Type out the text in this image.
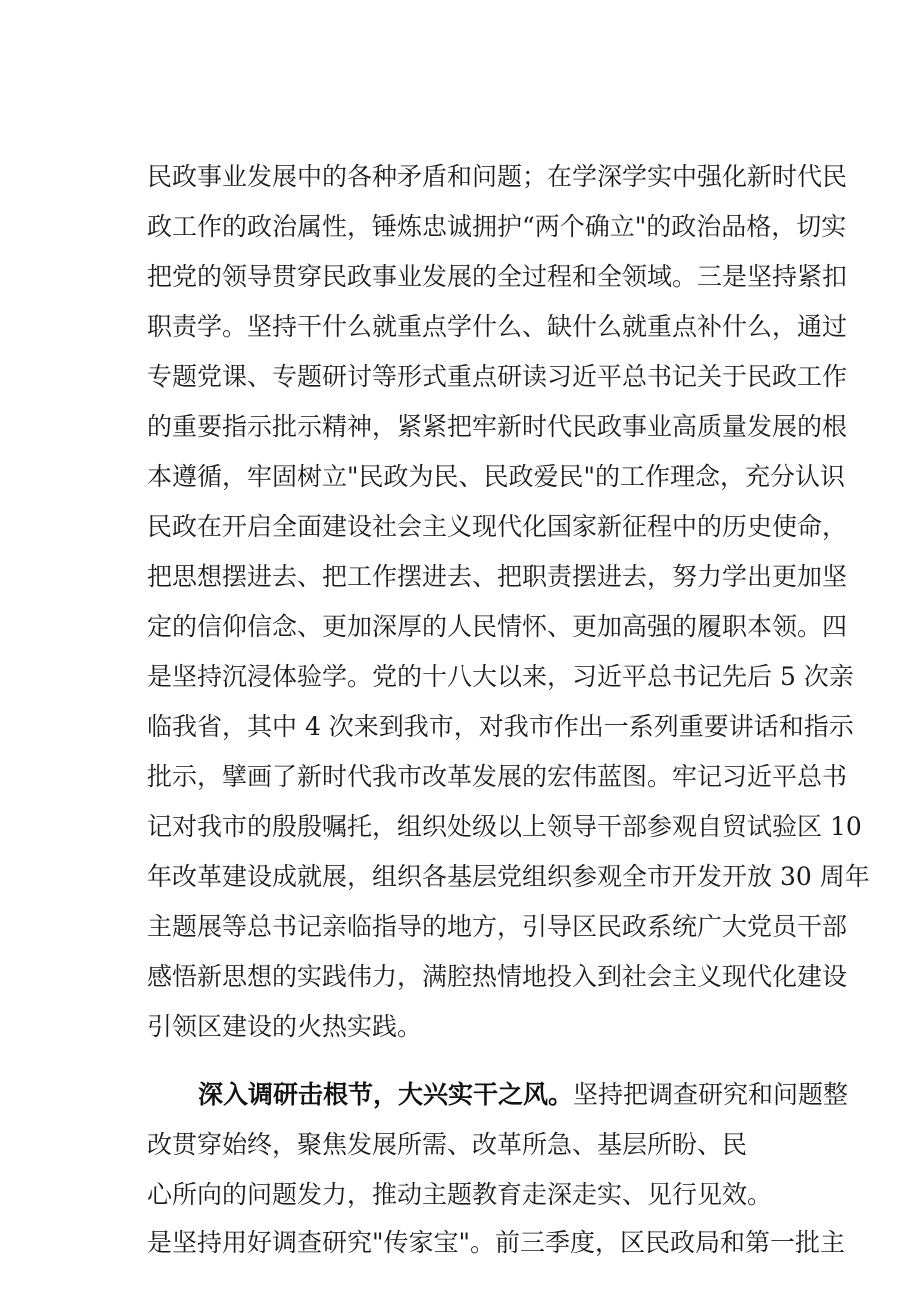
民政事业发展中的各种矛盾和问题；在学深学实中强化新时代民
政工作的政治属性，锤炼忠诚拥护“两个确立"的政治品格，切实
把党的领导贯穿民政事业发展的全过程和全领域。三是坚持紧扣
职责学。坚持干什么就重点学什么、缺什么就重点补什么，通过
专题党课、专题研讨等形式重点研读习近平总书记关于民政工作
的重要指示批示精神，紧紧把牢新时代民政事业高质量发展的根
本遵循，牢固树立"民政为民、民政爱民"的工作理念，充分认识
民政在开启全面建设社会主义现代化国家新征程中的历史使命，
把思想摆进去、把工作摆进去、把职责摆进去，努力学出更加坚
定的信仰信念、更加深厚的人民情怀、更加高强的履职本领。四
是坚持沉浸体验学。党的十八大以来，习近平总书记先后 5 次亲
临我省，其中 4 次来到我市，对我市作出一系列重要讲话和指示
批示，擘画了新时代我市改革发展的宏伟蓝图。牢记习近平总书
记对我市的殷殷嘱托，组织处级以上领导干部参观自贸试验区 10
年改革建设成就展，组织各基层党组织参观全市开发开放 30 周年
主题展等总书记亲临指导的地方，引导区民政系统广大党员干部
感悟新思想的实践伟力，满腔热情地投入到社会主义现代化建设
引领区建设的火热实践。
深入调研击根节，大兴实干之风。坚持把调查研究和问题整
改贯穿始终，聚焦发展所需、改革所急、基层所盼、民
心所向的问题发力，推动主题教育走深走实、见行见效。
是坚持用好调查研究"传家宝"。前三季度，区民政局和第一批主
